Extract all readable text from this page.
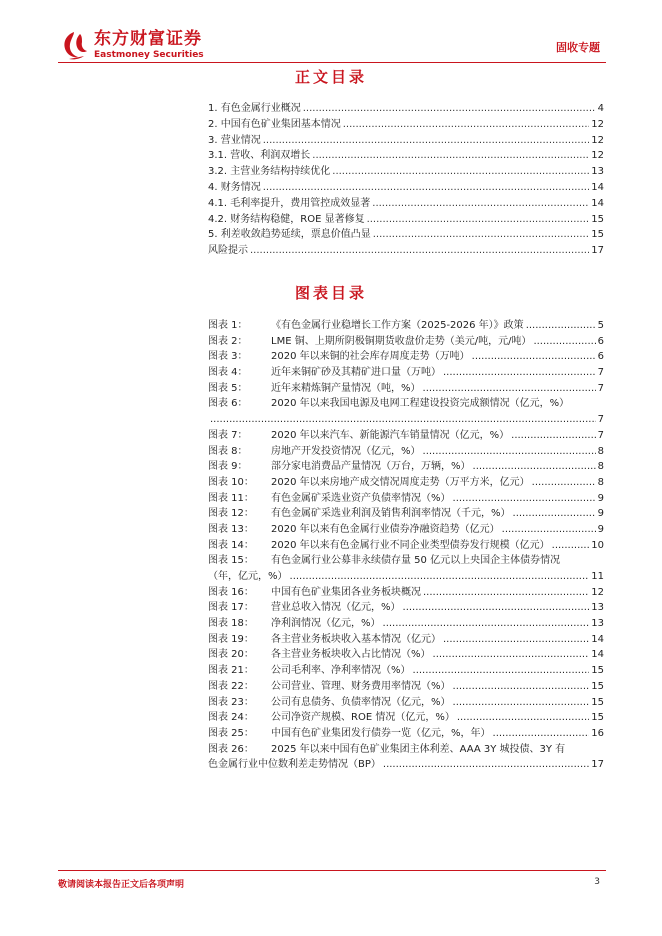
东方财富证券
Eastmoney Securities
固收专题
正文目录
1. 有色金属行业概况 .....	4
2. 中国有色矿业集团基本情况 .....	12
3. 营业情况 .....	12
3.1. 营收、利润双增长 .....	12
3.2. 主营业务结构持续优化 .....	13
4. 财务情况 .....	14
4.1. 毛利率提升，费用管控成效显著 .....	14
4.2. 财务结构稳健，ROE 显著修复 .....	15
5. 利差收敛趋势延续，票息价值凸显 .....	15
风险提示 .....	17
图表目录
图表 1：	《有色金属行业稳增长工作方案（2025-2026 年）》政策 .....	5
图表 2：	LME 铜、上期所阴极铜期货收盘价走势（美元/吨，元/吨） .....	6
图表 3：	2020 年以来铜的社会库存周度走势（万吨） .....	6
图表 4：	近年来铜矿砂及其精矿进口量（万吨） .....	7
图表 5：	近年来精炼铜产量情况（吨，%） .....	7
图表 6：	2020 年以来我国电源及电网工程建设投资完成额情况（亿元，%）
.....
7
图表 7：	2020 年以来汽车、新能源汽车销量情况（亿元，%） .....	7
图表 8：	房地产开发投资情况（亿元，%） .....	8
图表 9：	部分家电消费品产量情况（万台，万辆，%） .....	8
图表 10：	2020 年以来房地产成交情况周度走势（万平方米，亿元） .....	8
图表 11：	有色金属矿采选业资产负债率情况（%） .....	9
图表 12：	有色金属矿采选业利润及销售利润率情况（千元，%） .....	9
图表 13：	2020 年以来有色金属行业债券净融资趋势（亿元） .....	9
图表 14：	2020 年以来有色金属行业不同企业类型债券发行规模（亿元） .....	10
图表 15：	有色金属行业公募非永续债存量 50 亿元以上央国企主体债券情况
（年，亿元，%） .....	11
图表 16：	中国有色矿业集团各业务板块概况 .....	12
图表 17：	营业总收入情况（亿元，%） .....	13
图表 18：	净利润情况（亿元，%） .....	13
图表 19：	各主营业务板块收入基本情况（亿元） .....	14
图表 20：	各主营业务板块收入占比情况（%） .....	14
图表 21：	公司毛利率、净利率情况（%） .....	15
图表 22：	公司营业、管理、财务费用率情况（%） .....	15
图表 23：	公司有息债务、负债率情况（亿元，%） .....	15
图表 24：	公司净资产规模、ROE 情况（亿元，%） .....	15
图表 25：	中国有色矿业集团发行债券一览（亿元，%，年） .....	16
图表 26：	2025 年以来中国有色矿业集团主体利差、AAA 3Y 城投债、3Y 有
色金属行业中位数利差走势情况（BP） .....	17
敬请阅读本报告正文后各项声明	3
